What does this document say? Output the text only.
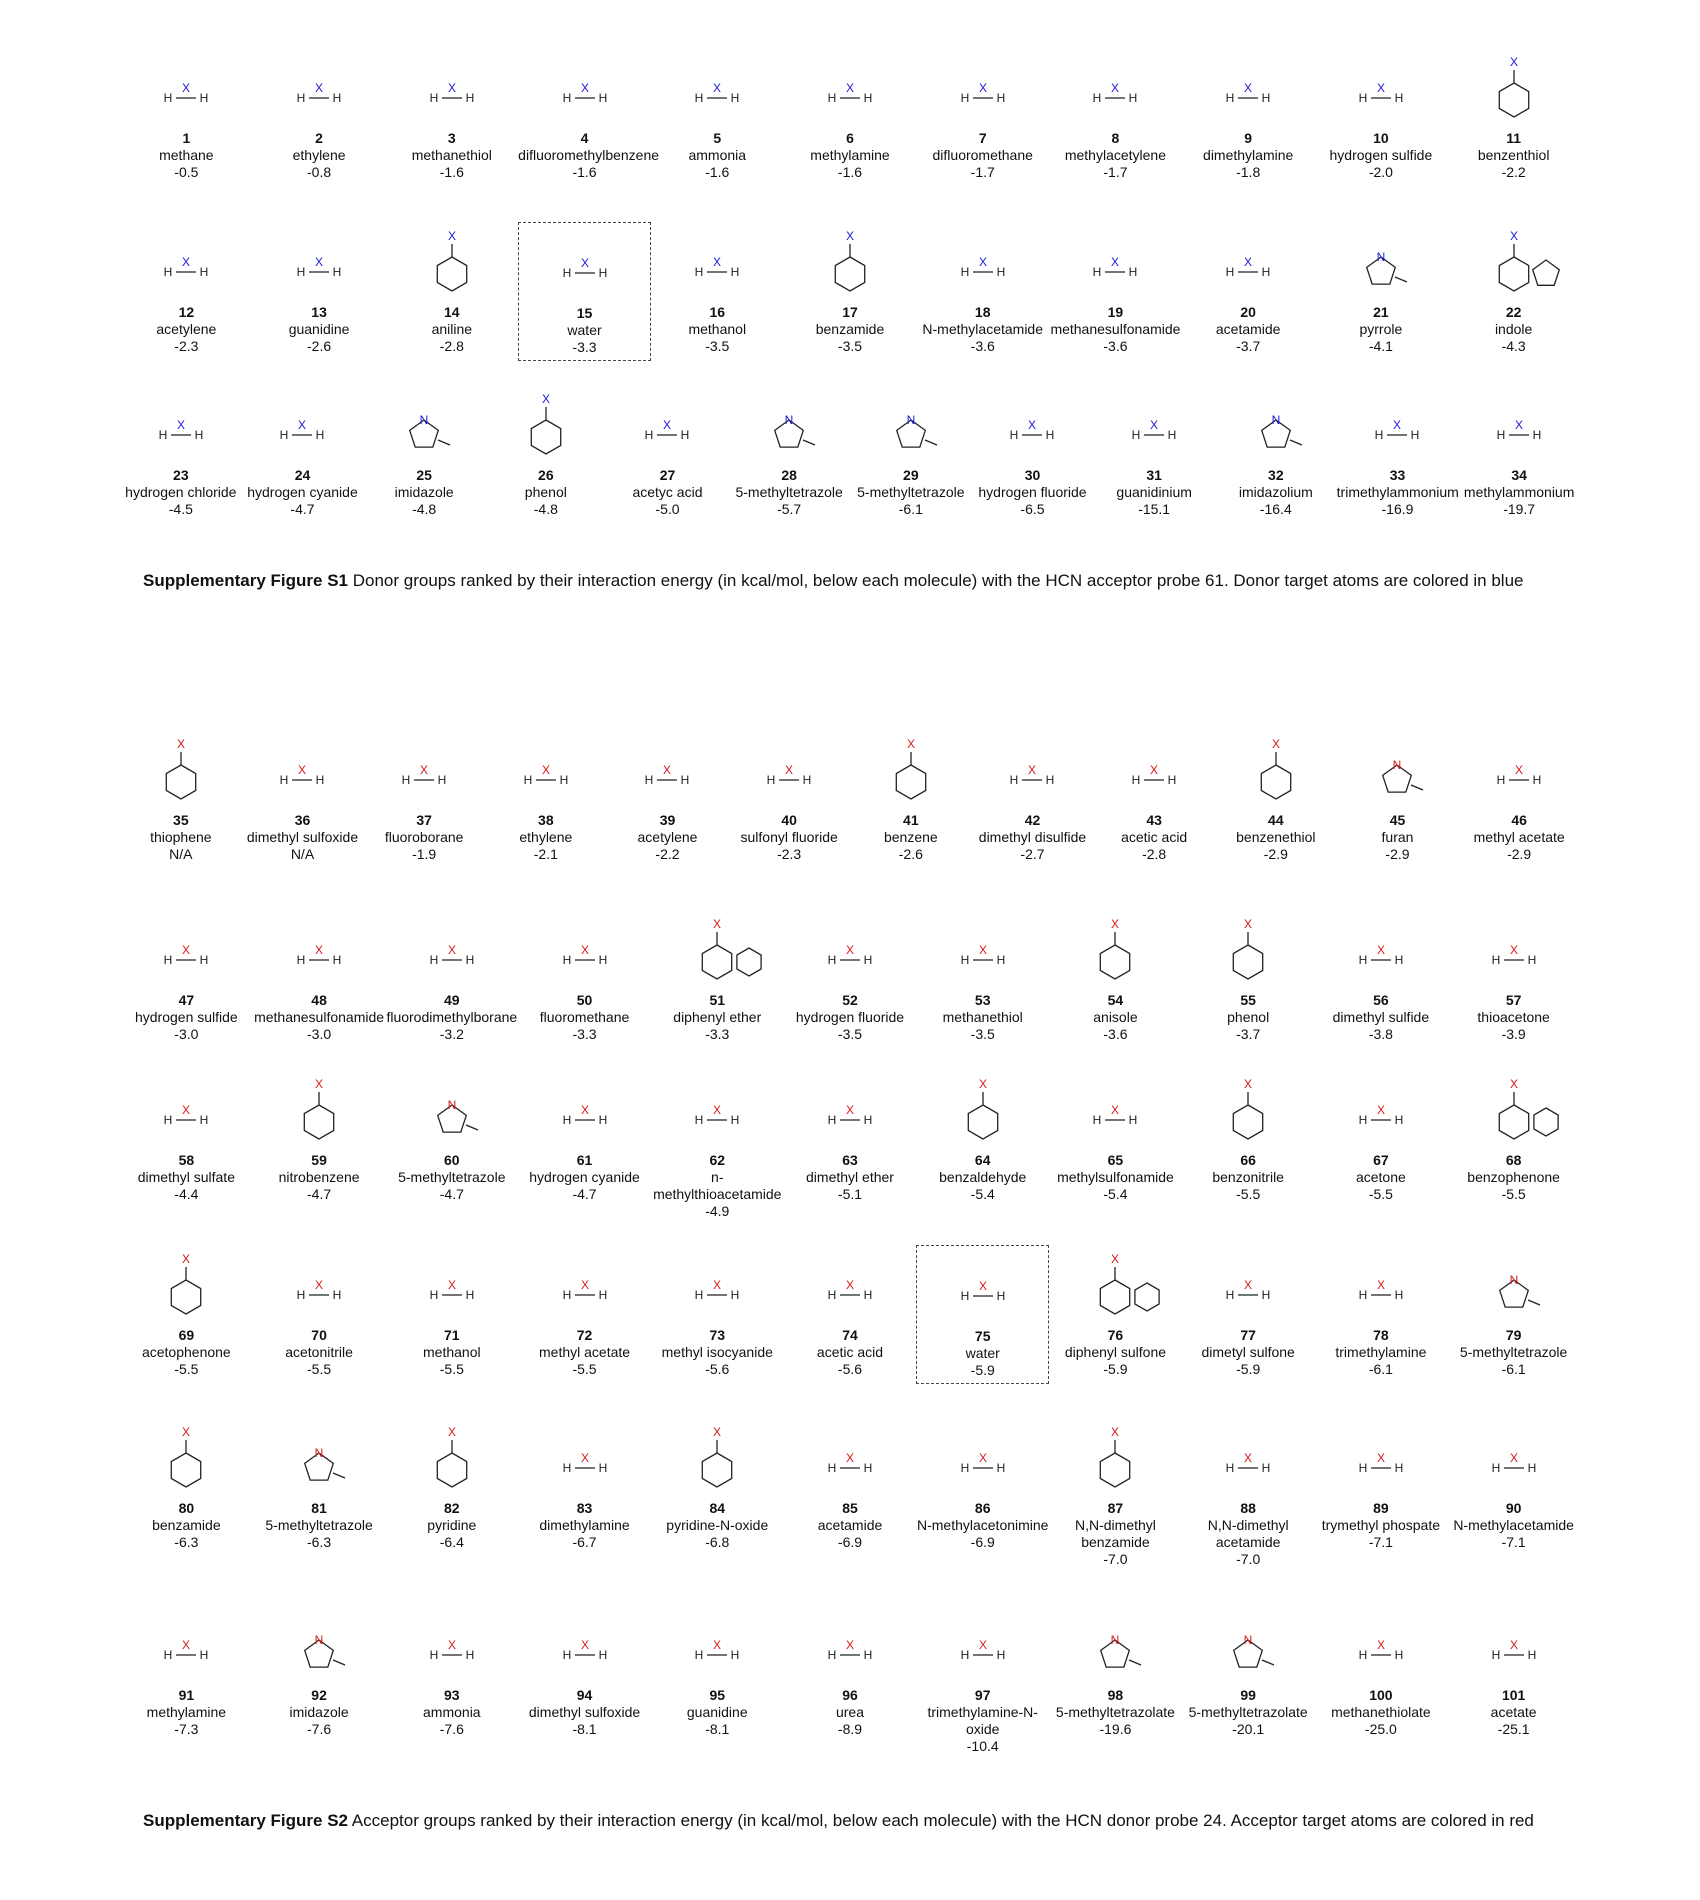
H
X
H
1
methane
-0.5
H
X
H
2
ethylene
-0.8
H
X
H
3
methanethiol
-1.6
H
X
H
4
difluoromethylbenzene
-1.6
H
X
H
5
ammonia
-1.6
H
X
H
6
methylamine
-1.6
H
X
H
7
difluoromethane
-1.7
H
X
H
8
methylacetylene
-1.7
H
X
H
9
dimethylamine
-1.8
H
X
H
10
hydrogen sulfide
-2.0
X
11
benzenthiol
-2.2
H
X
H
12
acetylene
-2.3
H
X
H
13
guanidine
-2.6
X
14
aniline
-2.8
H
X
H
15
water
-3.3
H
X
H
16
methanol
-3.5
X
17
benzamide
-3.5
H
X
H
18
N-methylacetamide
-3.6
H
X
H
19
methanesulfonamide
-3.6
H
X
H
20
acetamide
-3.7
N
21
pyrrole
-4.1
X
22
indole
-4.3
H
X
H
23
hydrogen chloride
-4.5
H
X
H
24
hydrogen cyanide
-4.7
N
25
imidazole
-4.8
X
26
phenol
-4.8
H
X
H
27
acetyc acid
-5.0
N
28
5-methyltetrazole
-5.7
N
29
5-methyltetrazole
-6.1
H
X
H
30
hydrogen fluoride
-6.5
H
X
H
31
guanidinium
-15.1
N
32
imidazolium
-16.4
H
X
H
33
trimethylammonium
-16.9
H
X
H
34
methylammonium
-19.7
Supplementary Figure S1 Donor groups ranked by their interaction energy (in kcal/mol, below each molecule) with the HCN acceptor probe 61. Donor target atoms are colored in blue
X
35
thiophene
N/A
H
X
H
36
dimethyl sulfoxide
N/A
H
X
H
37
fluoroborane
-1.9
H
X
H
38
ethylene
-2.1
H
X
H
39
acetylene
-2.2
H
X
H
40
sulfonyl fluoride
-2.3
X
41
benzene
-2.6
H
X
H
42
dimethyl disulfide
-2.7
H
X
H
43
acetic acid
-2.8
X
44
benzenethiol
-2.9
N
45
furan
-2.9
H
X
H
46
methyl acetate
-2.9
H
X
H
47
hydrogen sulfide
-3.0
H
X
H
48
methanesulfonamide
-3.0
H
X
H
49
fluorodimethylborane
-3.2
H
X
H
50
fluoromethane
-3.3
X
51
diphenyl ether
-3.3
H
X
H
52
hydrogen fluoride
-3.5
H
X
H
53
methanethiol
-3.5
X
54
anisole
-3.6
X
55
phenol
-3.7
H
X
H
56
dimethyl sulfide
-3.8
H
X
H
57
thioacetone
-3.9
H
X
H
58
dimethyl sulfate
-4.4
X
59
nitrobenzene
-4.7
N
60
5-methyltetrazole
-4.7
H
X
H
61
hydrogen cyanide
-4.7
H
X
H
62
n-methylthioacetamide
-4.9
H
X
H
63
dimethyl ether
-5.1
X
64
benzaldehyde
-5.4
H
X
H
65
methylsulfonamide
-5.4
X
66
benzonitrile
-5.5
H
X
H
67
acetone
-5.5
X
68
benzophenone
-5.5
X
69
acetophenone
-5.5
H
X
H
70
acetonitrile
-5.5
H
X
H
71
methanol
-5.5
H
X
H
72
methyl acetate
-5.5
H
X
H
73
methyl isocyanide
-5.6
H
X
H
74
acetic acid
-5.6
H
X
H
75
water
-5.9
X
76
diphenyl sulfone
-5.9
H
X
H
77
dimetyl sulfone
-5.9
H
X
H
78
trimethylamine
-6.1
N
79
5-methyltetrazole
-6.1
X
80
benzamide
-6.3
N
81
5-methyltetrazole
-6.3
X
82
pyridine
-6.4
H
X
H
83
dimethylamine
-6.7
X
84
pyridine-N-oxide
-6.8
H
X
H
85
acetamide
-6.9
H
X
H
86
N-methylacetonimine
-6.9
X
87
N,N-dimethyl benzamide
-7.0
H
X
H
88
N,N-dimethyl acetamide
-7.0
H
X
H
89
trymethyl phospate
-7.1
H
X
H
90
N-methylacetamide
-7.1
H
X
H
91
methylamine
-7.3
N
92
imidazole
-7.6
H
X
H
93
ammonia
-7.6
H
X
H
94
dimethyl sulfoxide
-8.1
H
X
H
95
guanidine
-8.1
H
X
H
96
urea
-8.9
H
X
H
97
trimethylamine-N-oxide
-10.4
N
98
5-methyltetrazolate
-19.6
N
99
5-methyltetrazolate
-20.1
H
X
H
100
methanethiolate
-25.0
H
X
H
101
acetate
-25.1
Supplementary Figure S2 Acceptor groups ranked by their interaction energy (in kcal/mol, below each molecule) with the HCN donor probe 24. Acceptor target atoms are colored in red
